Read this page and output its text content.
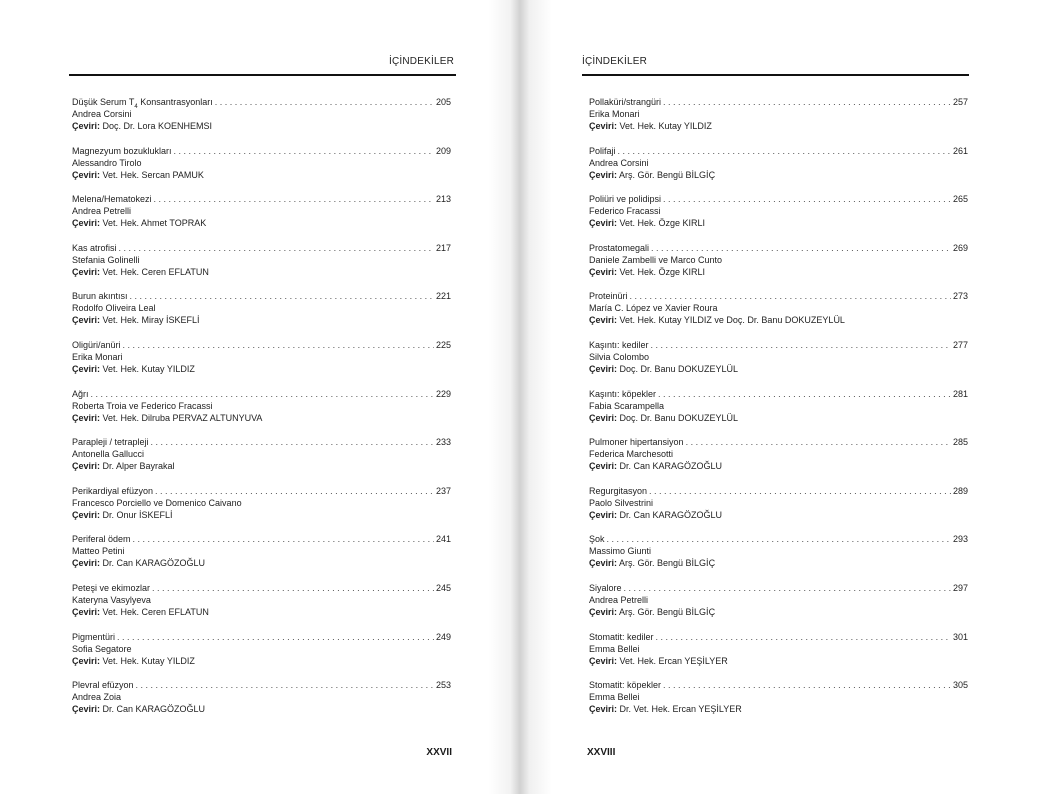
İÇİNDEKİLER
Düşük Serum $T_4$ Konsantrasyonları . . .	205
Andrea Corsini
Çeviri: Doç. Dr. Lora KOENHEMSI
Magnezyum bozuklukları . . .	209
Alessandro Tirolo
Çeviri: Vet. Hek. Sercan PAMUK
Melena/Hematokezi . . .	213
Andrea Petrelli
Çeviri: Vet. Hek. Ahmet TOPRAK
Kas atrofisi . . .	217
Stefania Golinelli
Çeviri: Vet. Hek. Ceren EFLATUN
Burun akıntısı . . .	221
Rodolfo Oliveira Leal
Çeviri: Vet. Hek. Miray İSKEFLİ
Oligüri/anüri . . .	225
Erika Monari
Çeviri: Vet. Hek. Kutay YILDIZ
Ağrı . . .	229
Roberta Troia ve Federico Fracassi
Çeviri: Vet. Hek. Dilruba PERVAZ ALTUNYUVA
Parapleji / tetrapleji . . .	233
Antonella Gallucci
Çeviri: Dr. Alper Bayrakal
Perikardiyal efüzyon . . .	237
Francesco Porciello ve Domenico Caivano
Çeviri: Dr. Onur İSKEFLİ
Periferal ödem . . .	241
Matteo Petini
Çeviri: Dr. Can KARAGÖZOĞLU
Peteşi ve ekimozlar . . .	245
Kateryna Vasylyeva
Çeviri: Vet. Hek. Ceren EFLATUN
Pigmentüri . . .	249
Sofia Segatore
Çeviri: Vet. Hek. Kutay YILDIZ
Plevral efüzyon . . .	253
Andrea Zoia
Çeviri: Dr. Can KARAGÖZOĞLU
XXVII
İÇİNDEKİLER
Pollaküri/strangüri . . .	257
Erika Monari
Çeviri: Vet. Hek. Kutay YILDIZ
Polifaji . . .	261
Andrea Corsini
Çeviri: Arş. Gör. Bengü BİLGİÇ
Poliüri ve polidipsi . . .	265
Federico Fracassi
Çeviri: Vet. Hek. Özge KIRLI
Prostatomegali . . .	269
Daniele Zambelli ve Marco Cunto
Çeviri: Vet. Hek. Özge KIRLI
Proteinüri . . .	273
María C. López ve Xavier Roura
Çeviri: Vet. Hek. Kutay YILDIZ ve Doç. Dr. Banu DOKUZEYLÜL
Kaşıntı: kediler . . .	277
Silvia Colombo
Çeviri: Doç. Dr. Banu DOKUZEYLÜL
Kaşıntı: köpekler . . .	281
Fabia Scarampella
Çeviri: Doç. Dr. Banu DOKUZEYLÜL
Pulmoner hipertansiyon . . .	285
Federica Marchesotti
Çeviri: Dr. Can KARAGÖZOĞLU
Regurgitasyon . . .	289
Paolo Silvestrini
Çeviri: Dr. Can KARAGÖZOĞLU
Şok . . .	293
Massimo Giunti
Çeviri: Arş. Gör. Bengü BİLGİÇ
Siyalore . . .	297
Andrea Petrelli
Çeviri: Arş. Gör. Bengü BİLGİÇ
Stomatit: kediler . . .	301
Emma Bellei
Çeviri: Vet. Hek. Ercan YEŞİLYER
Stomatit: köpekler . . .	305
Emma Bellei
Çeviri: Dr. Vet. Hek. Ercan YEŞİLYER
XXVIII
